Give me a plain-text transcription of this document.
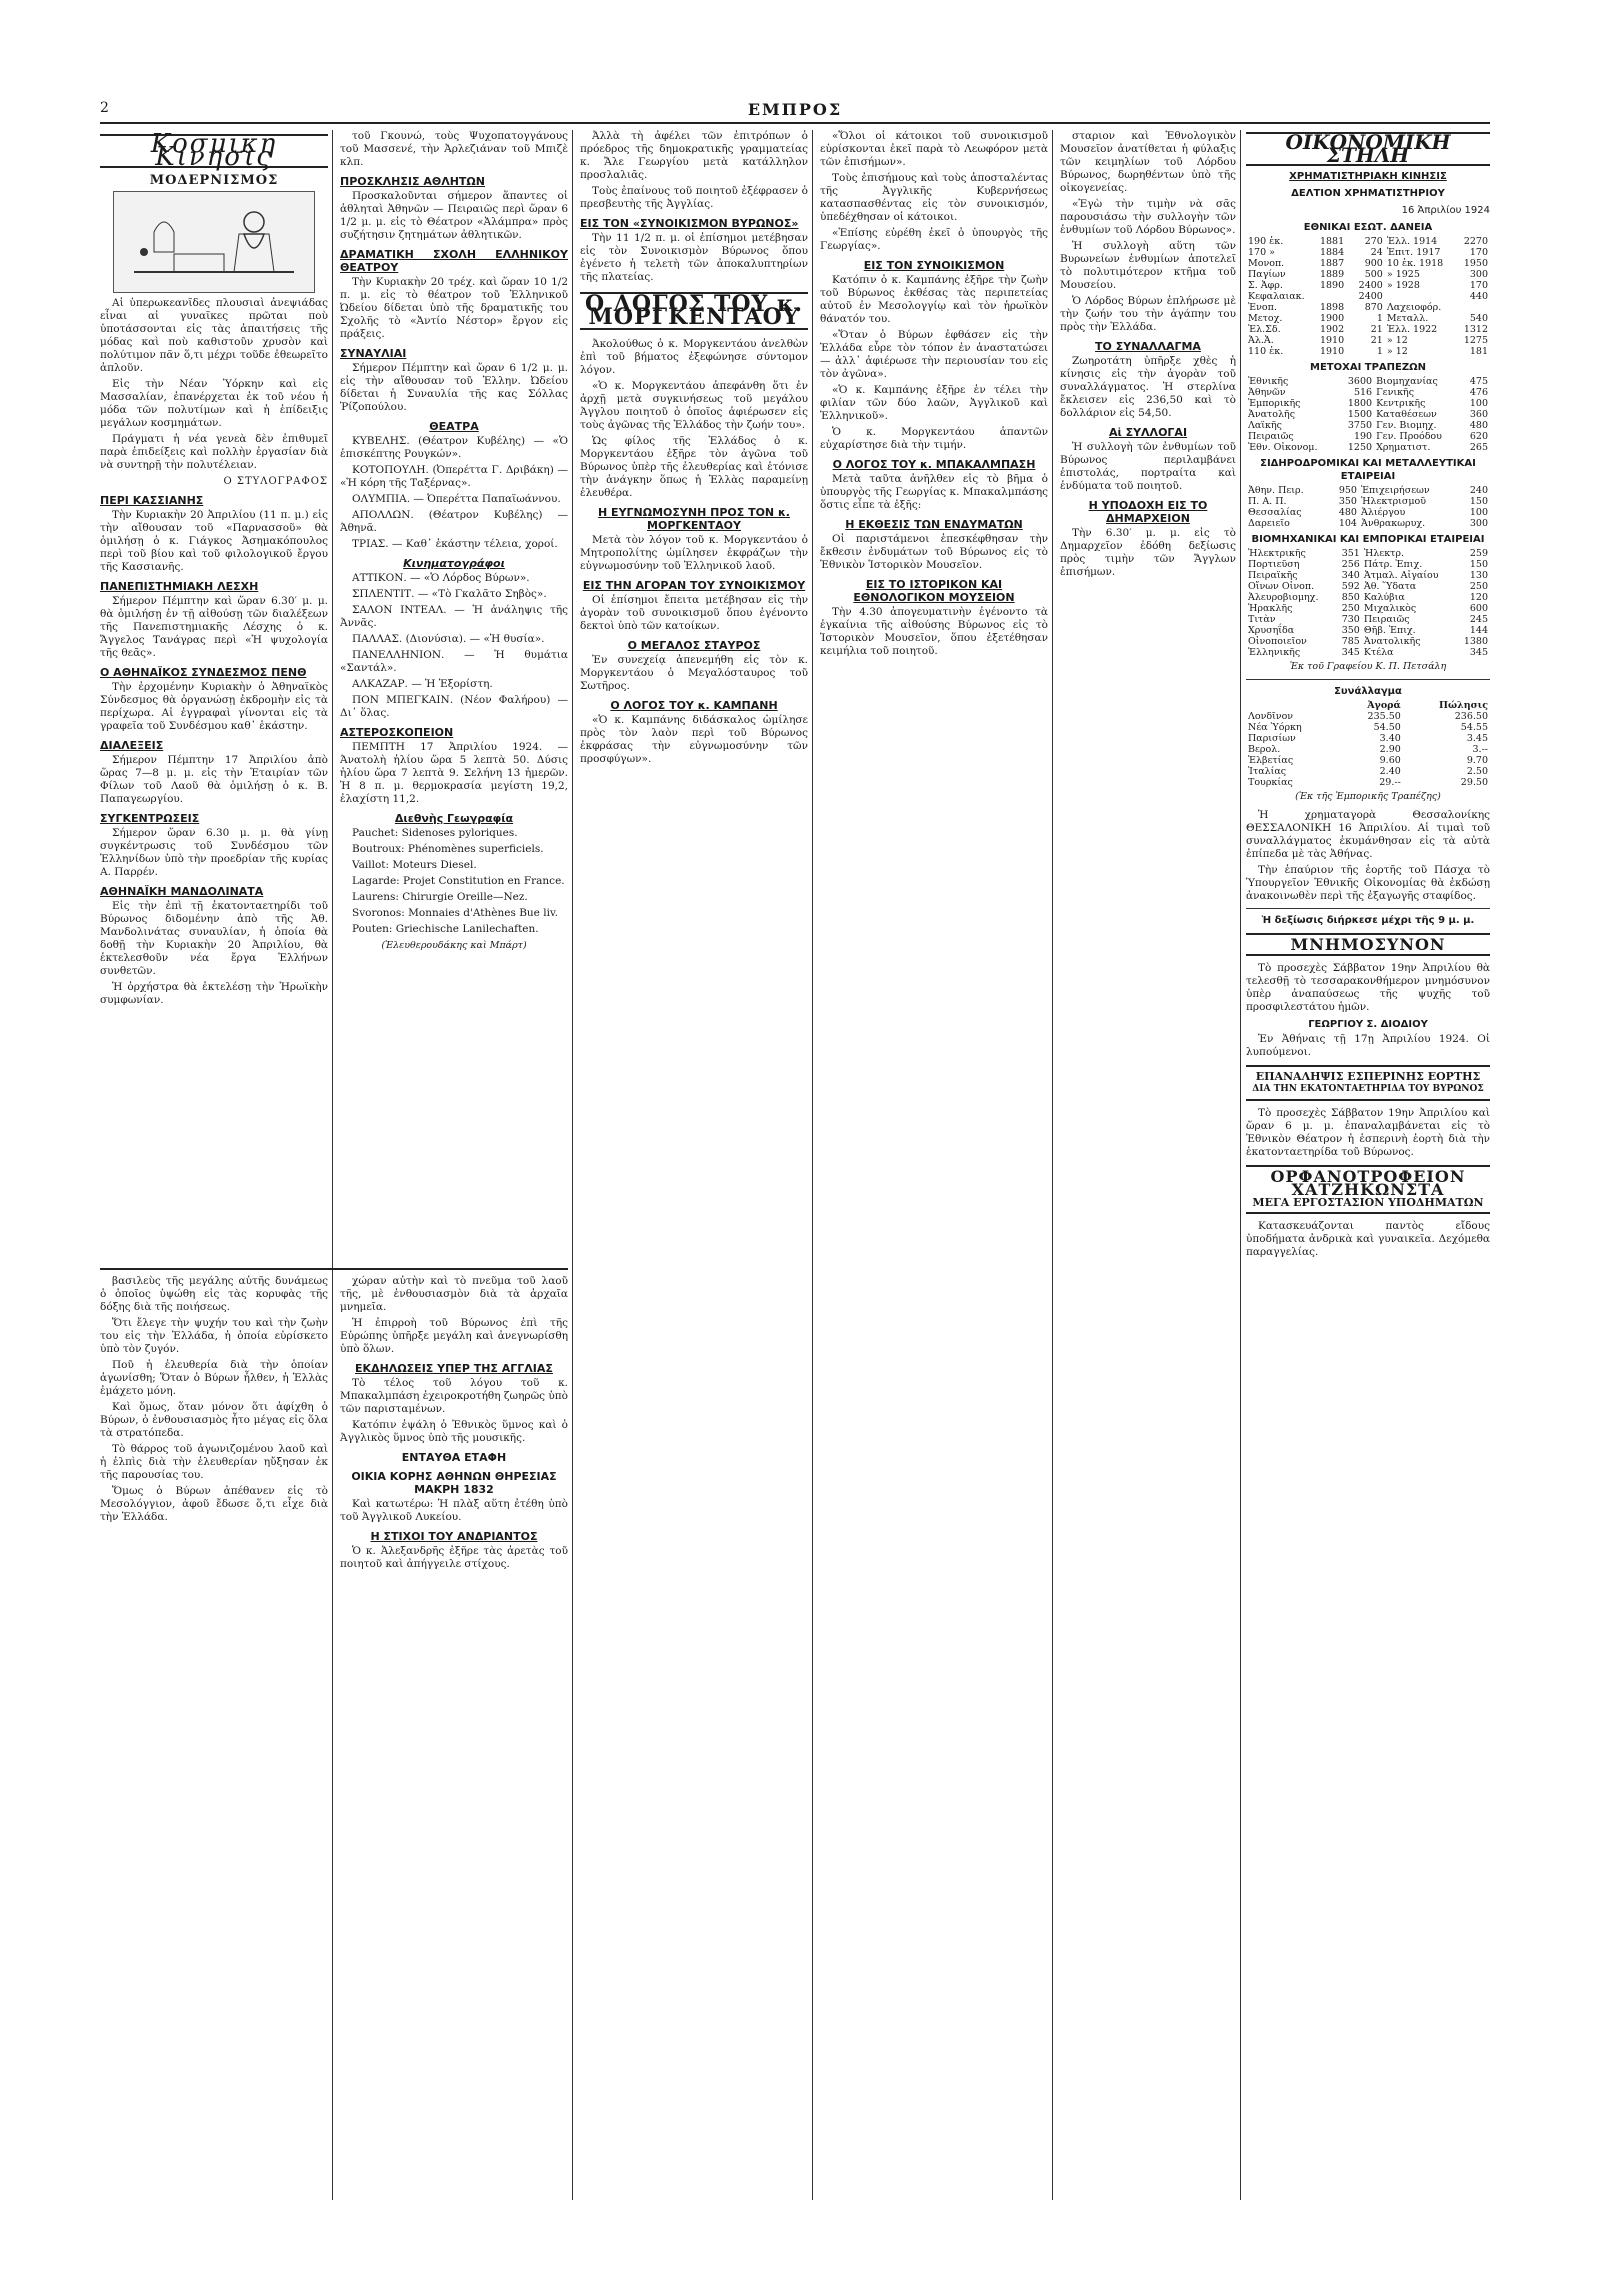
2	ΕΜΠΡΟΣ
Κοσμικη Κινησις
ΜΟΔΕΡΝΙΣΜΟΣ

Αἱ ὑπερωκεανῖδες πλουσιαὶ ἀνεψιάδας εἶναι αἱ γυναῖκες πρῶται ποὺ ὑποτάσσονται εἰς τὰς ἀπαιτήσεις τῆς μόδας καὶ ποὺ καθιστοῦν χρυσὸν καὶ πολύτιμον πᾶν ὅ,τι μέχρι τοῦδε ἐθεωρεῖτο ἀπλοῦν.

Εἰς τὴν Νέαν Ὑόρκην καὶ εἰς Μασσαλίαν, ἐπανέρχεται ἐκ τοῦ νέου ἡ μόδα τῶν πολυτίμων καὶ ἡ ἐπίδειξις μεγάλων κοσμημάτων.

Πράγματι ἡ νέα γενεὰ δὲν ἐπιθυμεῖ παρὰ ἐπιδείξεις καὶ πολλὴν ἐργασίαν διὰ νὰ συντηρῇ τὴν πολυτέλειαν.

Ο ΣΤΥΛΟΓΡΑΦΟΣ
ΠΕΡΙ ΚΑΣΣΙΑΝΗΣ

Τὴν Κυριακὴν 20 Ἀπριλίου (11 π. μ.) εἰς τὴν αἴθουσαν τοῦ «Παρνασσοῦ» θὰ ὁμιλήσῃ ὁ κ. Γιάγκος Ἀσημακόπουλος περὶ τοῦ βίου καὶ τοῦ φιλολογικοῦ ἔργου τῆς Κασσιανῆς.

ΠΑΝΕΠΙΣΤΗΜΙΑΚΗ ΛΕΣΧΗ

Σήμερον Πέμπτην καὶ ὥραν 6.30′ μ. μ. θὰ ὁμιλήσῃ ἐν τῇ αἰθούσῃ τῶν διαλέξεων τῆς Πανεπιστημιακῆς Λέσχης ὁ κ. Ἄγγελος Τανάγρας περὶ «Ἡ ψυχολογία τῆς θεᾶς».

Ο ΑΘΗΝΑΪΚΟΣ ΣΥΝΔΕΣΜΟΣ ΠΕΝΘ

Τὴν ἐρχομένην Κυριακὴν ὁ Ἀθηναϊκὸς Σύνδεσμος θὰ ὀργανώσῃ ἐκδρομὴν εἰς τὰ περίχωρα. Αἱ ἐγγραφαὶ γίνονται εἰς τὰ γραφεῖα τοῦ Συνδέσμου καθ᾽ ἑκάστην.

ΔΙΑΛΕΞΕΙΣ

Σήμερον Πέμπτην 17 Ἀπριλίου ἀπὸ ὥρας 7—8 μ. μ. εἰς τὴν Ἑταιρίαν τῶν Φίλων τοῦ Λαοῦ θὰ ὁμιλήσῃ ὁ κ. Β. Παπαγεωργίου.

ΣΥΓΚΕΝΤΡΩΣΕΙΣ

Σήμερον ὥραν 6.30 μ. μ. θὰ γίνῃ συγκέντρωσις τοῦ Συνδέσμου τῶν Ἑλληνίδων ὑπὸ τὴν προεδρίαν τῆς κυρίας Α. Παρρέν.

ΑΘΗΝΑΪΚΗ ΜΑΝΔΟΛΙΝΑΤΑ

Εἰς τὴν ἐπὶ τῇ ἑκατονταετηρίδι τοῦ Βύρωνος διδομένην ἀπὸ τῆς Ἀθ. Μανδολινάτας συναυλίαν, ἡ ὁποία θὰ δοθῇ τὴν Κυριακὴν 20 Ἀπριλίου, θὰ ἐκτελεσθοῦν νέα ἔργα Ἑλλήνων συνθετῶν.

Ἡ ὀρχήστρα θὰ ἐκτελέσῃ τὴν Ἡρωϊκὴν συμφωνίαν.

τοῦ Γκουνώ, τοὺς Ψυχοπατογγάνους τοῦ Μασσενέ, τὴν Ἀρλεζιάναν τοῦ Μπιζὲ κλπ.

ΠΡΟΣΚΛΗΣΙΣ ΑΘΛΗΤΩΝ

Προσκαλοῦνται σήμερον ἅπαντες οἱ ἀθληταὶ Ἀθηνῶν — Πειραιῶς περὶ ὥραν 6 1/2 μ. μ. εἰς τὸ Θέατρον «Ἀλάμπρα» πρὸς συζήτησιν ζητημάτων ἀθλητικῶν.

ΔΡΑΜΑΤΙΚΗ ΣΧΟΛΗ ΕΛΛΗΝΙΚΟΥ ΘΕΑΤΡΟΥ

Τὴν Κυριακὴν 20 τρέχ. καὶ ὥραν 10 1/2 π. μ. εἰς τὸ θέατρον τοῦ Ἑλληνικοῦ Ὠδείου δίδεται ὑπὸ τῆς δραματικῆς του Σχολῆς τὸ «Ἀντίο Νέστορ» ἔργον εἰς πράξεις.

ΣΥΝΑΥΛΙΑΙ

Σήμερον Πέμπτην καὶ ὥραν 6 1/2 μ. μ. εἰς τὴν αἴθουσαν τοῦ Ἑλλην. Ὠδείου δίδεται ἡ Συναυλία τῆς κας Σόλλας Ῥίζοπούλου.

ΘΕΑΤΡΑ

ΚΥΒΕΛΗΣ. (Θέατρον Κυβέλης) — «Ὁ ἐπισκέπτης Ρουγκών».

ΚΟΤΟΠΟΥΛΗ. (Ὀπερέττα Γ. Δριβάκη) — «Ἡ κόρη τῆς Ταξέρνας».

ΟΛΥΜΠΙΑ. — Ὀπερέττα Παπαϊωάννου.

ΑΠΟΛΛΩΝ. (Θέατρον Κυβέλης) — Ἀθηνᾶ.

ΤΡΙΑΣ. — Καθ᾽ ἑκάστην τέλεια, χοροί.

Κινηματογράφοι

ΑΤΤΙΚΟΝ. — «Ὁ Λόρδος Βύρων».

ΣΠΛΕΝΤΙΤ. — «Τὸ Γκαλᾶτο Σηβὸς».

ΣΑΛΟΝ ΙΝΤΕΑΛ. — Ἡ ἀνάληψις τῆς Ἀννᾶς.

ΠΑΛΛΑΣ. (Διονύσια). — «Ἡ θυσία».

ΠΑΝΕΛΛΗΝΙΟΝ. — Ἡ θυμάτια «Σαντάλ».

ΑΛΚΑΖΑΡ. — Ἡ Ἐξορίστη.

ΠΟΝ ΜΠΕΓΚΑΙΝ. (Νέον Φαλήρου) — Δι᾽ ὅλας.

ΑΣΤΕΡΟΣΚΟΠΕΙΟΝ

ΠΕΜΠΤΗ 17 Ἀπριλίου 1924. — Ἀνατολὴ ἡλίου ὥρα 5 λεπτὰ 50. Δύσις ἡλίου ὥρα 7 λεπτὰ 9. Σελήνη 13 ἡμερῶν. Ἡ 8 π. μ. θερμοκρασία μεγίστη 19,2, ἐλαχίστη 11,2.

Διεθνὴς Γεωγραφία

Pauchet: Sidenoses pyloriques.

Boutroux: Phénomènes superficiels.

Vaillot: Moteurs Diesel.

Lagarde: Projet Constitution en France.

Laurens: Chirurgie Oreille—Nez.

Svoronos: Monnaies d'Athènes Bue liv.

Pouten: Griechische Lanilechaften.

(Ἐλευθερουδάκης καὶ Μπάρτ)

Ἀλλὰ τὴ ἀφέλει τῶν ἐπιτρόπων ὁ πρόεδρος τῆς δημοκρατικῆς γραμματείας κ. Ἄλε Γεωργίου μετὰ κατάλληλον προσλαλιᾶς.

Τοὺς ἐπαίνους τοῦ ποιητοῦ ἐξέφρασεν ὁ πρεσβευτὴς τῆς Ἀγγλίας.

ΕΙΣ ΤΟΝ «ΣΥΝΟΙΚΙΣΜΟΝ ΒΥΡΩΝΟΣ»

Τὴν 11 1/2 π. μ. οἱ ἐπίσημοι μετέβησαν εἰς τὸν Συνοικισμὸν Βύρωνος ὅπου ἐγένετο ἡ τελετὴ τῶν ἀποκαλυπτηρίων τῆς πλατείας.

Ο ΛΟΓΟΣ ΤΟΥ κ. ΜΟΡΓΚΕΝΤΑΟΥ

Ἀκολούθως ὁ κ. Μοργκεντάου ἀνελθὼν ἐπὶ τοῦ βήματος ἐξεφώνησε σύντομον λόγον.

«Ὁ κ. Μοργκεντάου ἀπεφάνθη ὅτι ἐν ἀρχῇ μετὰ συγκινήσεως τοῦ μεγάλου Ἀγγλου ποιητοῦ ὁ ὁποῖος ἀφιέρωσεν εἰς τοὺς ἀγῶνας τῆς Ἑλλάδος τὴν ζωήν του».

Ὡς φίλος τῆς Ἑλλάδος ὁ κ. Μοργκεντάου ἐξῆρε τὸν ἀγῶνα τοῦ Βύρωνος ὑπὲρ τῆς ἐλευθερίας καὶ ἐτόνισε τὴν ἀνάγκην ὅπως ἡ Ἑλλὰς παραμείνῃ ἐλευθέρα.

Η ΕΥΓΝΩΜΟΣΥΝΗ ΠΡΟΣ ΤΟΝ κ. ΜΟΡΓΚΕΝΤΑΟΥ

Μετὰ τὸν λόγον τοῦ κ. Μοργκεντάου ὁ Μητροπολίτης ὡμίλησεν ἐκφράζων τὴν εὐγνωμοσύνην τοῦ Ἑλληνικοῦ λαοῦ.

ΕΙΣ ΤΗΝ ΑΓΟΡΑΝ ΤΟΥ ΣΥΝΟΙΚΙΣΜΟΥ

Οἱ ἐπίσημοι ἔπειτα μετέβησαν εἰς τὴν ἀγορὰν τοῦ συνοικισμοῦ ὅπου ἐγένοντο δεκτοὶ ὑπὸ τῶν κατοίκων.

Ο ΜΕΓΑΛΟΣ ΣΤΑΥΡΟΣ

Ἐν συνεχείᾳ ἀπενεμήθη εἰς τὸν κ. Μοργκεντάου ὁ Μεγαλόσταυρος τοῦ Σωτῆρος.

Ο ΛΟΓΟΣ ΤΟΥ κ. ΚΑΜΠΑΝΗ

«Ὁ κ. Καμπάνης διδάσκαλος ὡμίλησε πρὸς τὸν λαὸν περὶ τοῦ Βύρωνος ἐκφράσας τὴν εὐγνωμοσύνην τῶν προσφύγων».

«Ὅλοι οἱ κάτοικοι τοῦ συνοικισμοῦ εὑρίσκονται ἐκεῖ παρὰ τὸ Λεωφόρον μετὰ τῶν ἐπισήμων».

Τοὺς ἐπισήμους καὶ τοὺς ἀποσταλέντας τῆς Ἀγγλικῆς Κυβερνήσεως κατασπασθέντας εἰς τὸν συνοικισμόν, ὑπεδέχθησαν οἱ κάτοικοι.

«Ἐπίσης εὑρέθη ἐκεῖ ὁ ὑπουργὸς τῆς Γεωργίας».

ΕΙΣ ΤΟΝ ΣΥΝΟΙΚΙΣΜΟΝ

Κατόπιν ὁ κ. Καμπάνης ἐξῆρε τὴν ζωὴν τοῦ Βύρωνος ἐκθέσας τὰς περιπετείας αὐτοῦ ἐν Μεσολογγίῳ καὶ τὸν ἡρωϊκὸν θάνατόν του.

«Ὅταν ὁ Βύρων ἐφθάσεν εἰς τὴν Ἑλλάδα εὗρε τὸν τόπον ἐν ἀναστατώσει — ἀλλ᾽ ἀφιέρωσε τὴν περιουσίαν του εἰς τὸν ἀγῶνα».

«Ὁ κ. Καμπάνης ἐξῆρε ἐν τέλει τὴν φιλίαν τῶν δύο λαῶν, Ἀγγλικοῦ καὶ Ἑλληνικοῦ».

Ὁ κ. Μοργκεντάου ἀπαντῶν εὐχαρίστησε διὰ τὴν τιμήν.

Ο ΛΟΓΟΣ ΤΟΥ κ. ΜΠΑΚΑΛΜΠΑΣΗ

Μετὰ ταῦτα ἀνῆλθεν εἰς τὸ βῆμα ὁ ὑπουργὸς τῆς Γεωργίας κ. Μπακαλμπάσης ὅστις εἶπε τὰ ἑξῆς:

Η ΕΚΘΕΣΙΣ ΤΩΝ ΕΝΔΥΜΑΤΩΝ

Οἱ παριστάμενοι ἐπεσκέφθησαν τὴν ἔκθεσιν ἐνδυμάτων τοῦ Βύρωνος εἰς τὸ Ἐθνικὸν Ἱστορικὸν Μουσεῖον.

ΕΙΣ ΤΟ ΙΣΤΟΡΙΚΟΝ ΚΑΙ ΕΘΝΟΛΟΓΙΚΟΝ ΜΟΥΣΕΙΟΝ

Τὴν 4.30 ἀπογευματινὴν ἐγένοντο τὰ ἐγκαίνια τῆς αἰθούσης Βύρωνος εἰς τὸ Ἱστορικὸν Μουσεῖον, ὅπου ἐξετέθησαν κειμήλια τοῦ ποιητοῦ.

σταριον καὶ Ἐθνολογικὸν Μουσεῖον ἀνατίθεται ἡ φύλαξις τῶν κειμηλίων τοῦ Λόρδου Βύρωνος, δωρηθέντων ὑπὸ τῆς οἰκογενείας.

«Ἐγὼ τὴν τιμὴν νὰ σᾶς παρουσιάσω τὴν συλλογὴν τῶν ἐνθυμίων τοῦ Λόρδου Βύρωνος».

Ἡ συλλογὴ αὕτη τῶν Βυρωνείων ἐνθυμίων ἀποτελεῖ τὸ πολυτιμότερον κτῆμα τοῦ Μουσείου.

Ὁ Λόρδος Βύρων ἐπλήρωσε μὲ τὴν ζωήν του τὴν ἀγάπην του πρὸς τὴν Ἑλλάδα.

ΤΟ ΣΥΝΑΛΛΑΓΜΑ

Ζωηροτάτη ὑπῆρξε χθὲς ἡ κίνησις εἰς τὴν ἀγορὰν τοῦ συναλλάγματος. Ἡ στερλίνα ἔκλεισεν εἰς 236,50 καὶ τὸ δολλάριον εἰς 54,50.

Αἱ ΣΥΛΛΟΓΑΙ

Ἡ συλλογὴ τῶν ἐνθυμίων τοῦ Βύρωνος περιλαμβάνει ἐπιστολάς, πορτραίτα καὶ ἐνδύματα τοῦ ποιητοῦ.

Η ΥΠΟΔΟΧΗ ΕΙΣ ΤΟ ΔΗΜΑΡΧΕΙΟΝ

Τὴν 6.30′ μ. μ. εἰς τὸ Δημαρχεῖον ἐδόθη δεξίωσις πρὸς τιμὴν τῶν Ἄγγλων ἐπισήμων.

ΟΙΚΟΝΟΜΙΚΗ ΣΤΗΛΗ
ΧΡΗΜΑΤΙΣΤΗΡΙΑΚΗ ΚΙΝΗΣΙΣ
ΔΕΛΤΙΟΝ ΧΡΗΜΑΤΙΣΤΗΡΙΟΥ
16 Ἀπριλίου 1924
ΕΘΝΙΚΑΙ ΕΣΩΤ. ΔΑΝΕΙΑ
190 ἑκ.	1881	270	Ἐλλ. 1914	2270
170 »	1884	24	Ἐπιτ. 1917	170
Μονοπ.	1887	900	10 ἑκ. 1918	1950
Παγίων	1889	500	» 1925	300
Σ. Ἀφρ.	1890	2400	» 1928	170
Κεφαλαιακ.		2400		440
Ἐνοπ.	1898	870	Λαχειοφόρ.	
Μετοχ.	1900	1	Μεταλλ.	540
Ἐλ.Σδ.	1902	21	Ἐλλ. 1922	1312
Ἀλ.Ἀ.	1910	21	» 12	1275
110 ἑκ.	1910	1	» 12	181
ΜΕΤΟΧΑΙ ΤΡΑΠΕΖΩΝ
Ἐθνικῆς	3600	Βιομηχανίας	475
Ἀθηνῶν	516	Γενικῆς	476
Ἐμπορικῆς	1800	Κεντρικῆς	100
Ἀνατολῆς	1500	Καταθέσεων	360
Λαϊκῆς	3750	Γεν. Βιομηχ.	480
Πειραιῶς	190	Γεν. Προόδου	620
Ἐθν. Οἰκονομ.	1250	Χρηματιστ.	265
ΣΙΔΗΡΟΔΡΟΜΙΚΑΙ ΚΑΙ ΜΕΤΑΛΛΕΥΤΙΚΑΙ ΕΤΑΙΡΕΙΑΙ
Ἀθην. Πειρ.	950	Ἐπιχειρήσεων	240
Π. Α. Π.	350	Ἠλεκτρισμοῦ	150
Θεσσαλίας	480	Ἀλιέργου	100
Δαρειεῖο	104	Ἀνθρακωρυχ.	300
ΒΙΟΜΗΧΑΝΙΚΑΙ ΚΑΙ ΕΜΠΟΡΙΚΑΙ ΕΤΑΙΡΕΙΑΙ
Ἠλεκτρικῆς	351	Ἡλεκτρ.	259
Πορτιεῦση	256	Πάτρ. Ἐπιχ.	150
Πειραϊκῆς	340	Ἀτμαλ. Αἰγαίου	130
Οἴνων Οἰνοπ.	592	Ἀθ. Ὕδατα	250
Ἀλευροβιομηχ.	850	Καλύβια	120
Ἡρακλῆς	250	Μιχαλικὸς	600
Τιτὰν	730	Πειραιῶς	245
Χρυσηΐδα	350	Θῆβ. Ἐπιχ.	144
Οἰνοποιεῖον	785	Ἀνατολικῆς	1380
Ἑλληνικῆς	345	Κτέλα	345
Ἐκ τοῦ Γραφείου Κ. Π. Πετσάλη
Συνάλλαγμα
	Ἀγορά	Πώλησις
Λονδῖνον	235.50	236.50
Νέα Ὑόρκη	54.50	54.55
Παρισίων	3.40	3.45
Βερολ.	2.90	3.--
Ἑλβετίας	9.60	9.70
Ἰταλίας	2.40	2.50
Τουρκίας	29.--	29.50
(Ἐκ τῆς Ἐμπορικῆς Τραπέζης)

Ἡ χρηματαγορὰ Θεσσαλονίκης ΘΕΣΣΑΛΟΝΙΚΗ 16 Ἀπριλίου. Αἱ τιμαὶ τοῦ συναλλάγματος ἐκυμάνθησαν εἰς τὰ αὐτὰ ἐπίπεδα μὲ τὰς Ἀθήνας.

Τὴν ἐπαύριον τῆς ἑορτῆς τοῦ Πάσχα τὸ Ὑπουργεῖον Ἐθνικῆς Οἰκονομίας θὰ ἐκδώσῃ ἀνακοινωθὲν περὶ τῆς ἐξαγωγῆς σταφίδος.

Ἡ δεξίωσις διήρκεσε μέχρι τῆς 9 μ. μ.
ΜΝΗΜΟΣΥΝΟΝ

Τὸ προσεχὲς Σάββατον 19ην Ἀπριλίου θὰ τελεσθῇ τὸ τεσσαρακονθήμερον μνημόσυνον ὑπὲρ ἀναπαύσεως τῆς ψυχῆς τοῦ προσφιλεστάτου ἡμῶν.

ΓΕΩΡΓΙΟΥ Σ. ΔΙΟΔΙΟΥ

Ἐν Ἀθήναις τῇ 17ῃ Ἀπριλίου 1924. Οἱ λυπούμενοι.

ΕΠΑΝΑΛΗΨΙΣ ΕΣΠΕΡΙΝΗΣ ΕΟΡΤΗΣ
ΔΙΑ ΤΗΝ ΕΚΑΤΟΝΤΑΕΤΗΡΙΔΑ ΤΟΥ ΒΥΡΩΝΟΣ

Τὸ προσεχὲς Σάββατον 19ην Ἀπριλίου καὶ ὥραν 6 μ. μ. ἐπαναλαμβάνεται εἰς τὸ Ἐθνικὸν Θέατρον ἡ ἑσπερινὴ ἑορτὴ διὰ τὴν ἑκατονταετηρίδα τοῦ Βύρωνος.

ΟΡΦΑΝΟΤΡΟΦΕΙΟΝ ΧΑΤΖΗΚΩΝΣΤΑ
ΜΕΓΑ ΕΡΓΟΣΤΑΣΙΟΝ ΥΠΟΔΗΜΑΤΩΝ

Κατασκευάζονται παντὸς εἴδους ὑποδήματα ἀνδρικὰ καὶ γυναικεῖα. Δεχόμεθα παραγγελίας.

βασιλεὺς τῆς μεγάλης αὐτῆς δυνάμεως ὁ ὁποῖος ὑψώθη εἰς τὰς κορυφὰς τῆς δόξης διὰ τῆς ποιήσεως.

Ὅτι ἔλεγε τὴν ψυχήν του καὶ τὴν ζωὴν του εἰς τὴν Ἑλλάδα, ἡ ὁποία εὑρίσκετο ὑπὸ τὸν ζυγόν.

Ποῦ ἡ ἐλευθερία διὰ τὴν ὁποίαν ἀγωνίσθη; Ὅταν ὁ Βύρων ἦλθεν, ἡ Ἑλλὰς ἐμάχετο μόνη.

Καὶ ὅμως, ὅταν μόνον ὅτι ἀφίχθη ὁ Βύρων, ὁ ἐνθουσιασμὸς ἦτο μέγας εἰς ὅλα τὰ στρατόπεδα.

Τὸ θάρρος τοῦ ἀγωνιζομένου λαοῦ καὶ ἡ ἐλπὶς διὰ τὴν ἐλευθερίαν ηὔξησαν ἐκ τῆς παρουσίας του.

Ὅμως ὁ Βύρων ἀπέθανεν εἰς τὸ Μεσολόγγιον, ἀφοῦ ἔδωσε ὅ,τι εἶχε διὰ τὴν Ἑλλάδα.

χώραν αὐτὴν καὶ τὸ πνεῦμα τοῦ λαοῦ τῆς, μὲ ἐνθουσιασμὸν διὰ τὰ ἀρχαῖα μνημεῖα.

Ἡ ἐπιρροὴ τοῦ Βύρωνος ἐπὶ τῆς Εὐρώπης ὑπῆρξε μεγάλη καὶ ἀνεγνωρίσθη ὑπὸ ὅλων.

ΕΚΔΗΛΩΣΕΙΣ ΥΠΕΡ ΤΗΣ ΑΓΓΛΙΑΣ

Τὸ τέλος τοῦ λόγου τοῦ κ. Μπακαλμπάση ἐχειροκροτήθη ζωηρῶς ὑπὸ τῶν παρισταμένων.

Κατόπιν ἐψάλη ὁ Ἐθνικὸς ὕμνος καὶ ὁ Ἀγγλικὸς ὕμνος ὑπὸ τῆς μουσικῆς.

ΕΝΤΑΥΘΑ ΕΤΑΦΗ
ΟΙΚΙΑ ΚΟΡΗΣ ΑΘΗΝΩΝ ΘΗΡΕΣΙΑΣ ΜΑΚΡΗ 1832

Καὶ κατωτέρω: Ἡ πλὰξ αὕτη ἐτέθη ὑπὸ τοῦ Ἀγγλικοῦ Λυκείου.

Η ΣΤΙΧΟΙ ΤΟΥ ΑΝΔΡΙΑΝΤΟΣ

Ὁ κ. Ἀλεξανδρῆς ἐξῆρε τὰς ἀρετὰς τοῦ ποιητοῦ καὶ ἀπήγγειλε στίχους.
